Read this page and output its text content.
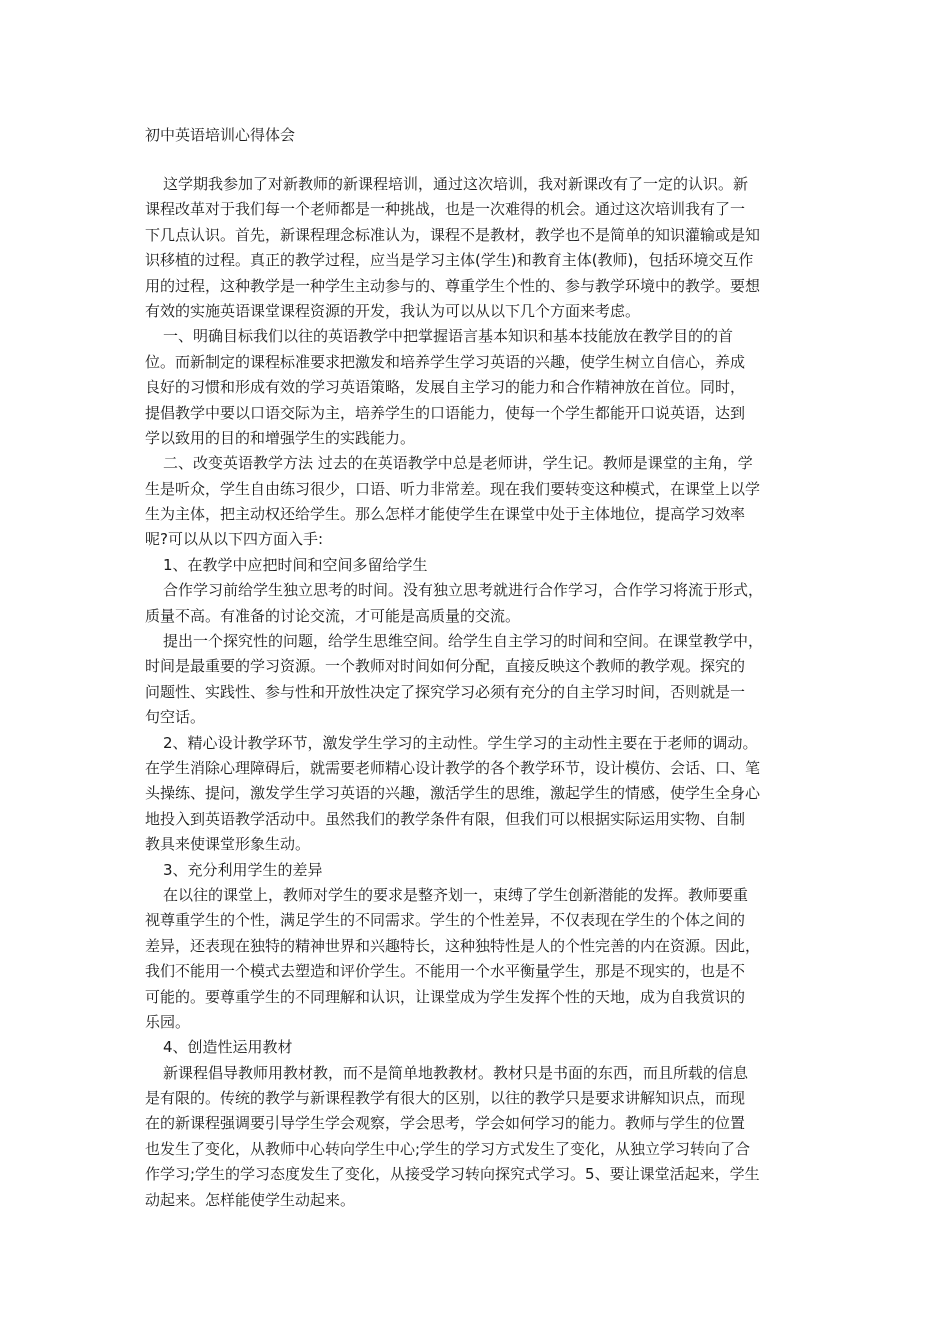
初中英语培训心得体会
这学期我参加了对新教师的新课程培训，通过这次培训，我对新课改有了一定的认识。新
课程改革对于我们每一个老师都是一种挑战，也是一次难得的机会。通过这次培训我有了一
下几点认识。首先，新课程理念标准认为，课程不是教材，教学也不是简单的知识灌输或是知
识移植的过程。真正的教学过程，应当是学习主体(学生)和教育主体(教师)，包括环境交互作
用的过程，这种教学是一种学生主动参与的、尊重学生个性的、参与教学环境中的教学。要想
有效的实施英语课堂课程资源的开发，我认为可以从以下几个方面来考虑。
一、明确目标我们以往的英语教学中把掌握语言基本知识和基本技能放在教学目的的首
位。而新制定的课程标准要求把激发和培养学生学习英语的兴趣，使学生树立自信心，养成
良好的习惯和形成有效的学习英语策略，发展自主学习的能力和合作精神放在首位。同时，
提倡教学中要以口语交际为主，培养学生的口语能力，使每一个学生都能开口说英语，达到
学以致用的目的和增强学生的实践能力。
二、改变英语教学方法 过去的在英语教学中总是老师讲，学生记。教师是课堂的主角，学
生是听众，学生自由练习很少，口语、听力非常差。现在我们要转变这种模式，在课堂上以学
生为主体，把主动权还给学生。那么怎样才能使学生在课堂中处于主体地位，提高学习效率
呢?可以从以下四方面入手:
1、在教学中应把时间和空间多留给学生
合作学习前给学生独立思考的时间。没有独立思考就进行合作学习，合作学习将流于形式，
质量不高。有准备的讨论交流，才可能是高质量的交流。
提出一个探究性的问题，给学生思维空间。给学生自主学习的时间和空间。在课堂教学中，
时间是最重要的学习资源。一个教师对时间如何分配，直接反映这个教师的教学观。探究的
问题性、实践性、参与性和开放性决定了探究学习必须有充分的自主学习时间，否则就是一
句空话。
2、精心设计教学环节，激发学生学习的主动性。学生学习的主动性主要在于老师的调动。
在学生消除心理障碍后，就需要老师精心设计教学的各个教学环节，设计模仿、会话、口、笔
头操练、提问，激发学生学习英语的兴趣，激活学生的思维，激起学生的情感，使学生全身心
地投入到英语教学活动中。虽然我们的教学条件有限，但我们可以根据实际运用实物、自制
教具来使课堂形象生动。
3、充分利用学生的差异
在以往的课堂上，教师对学生的要求是整齐划一，束缚了学生创新潜能的发挥。教师要重
视尊重学生的个性，满足学生的不同需求。学生的个性差异，不仅表现在学生的个体之间的
差异，还表现在独特的精神世界和兴趣特长，这种独特性是人的个性完善的内在资源。因此，
我们不能用一个模式去塑造和评价学生。不能用一个水平衡量学生，那是不现实的，也是不
可能的。要尊重学生的不同理解和认识，让课堂成为学生发挥个性的天地，成为自我赏识的
乐园。
4、创造性运用教材
新课程倡导教师用教材教，而不是简单地教教材。教材只是书面的东西，而且所载的信息
是有限的。传统的教学与新课程教学有很大的区别，以往的教学只是要求讲解知识点，而现
在的新课程强调要引导学生学会观察，学会思考，学会如何学习的能力。教师与学生的位置
也发生了变化，从教师中心转向学生中心;学生的学习方式发生了变化，从独立学习转向了合
作学习;学生的学习态度发生了变化，从接受学习转向探究式学习。5、要让课堂活起来，学生
动起来。怎样能使学生动起来。
